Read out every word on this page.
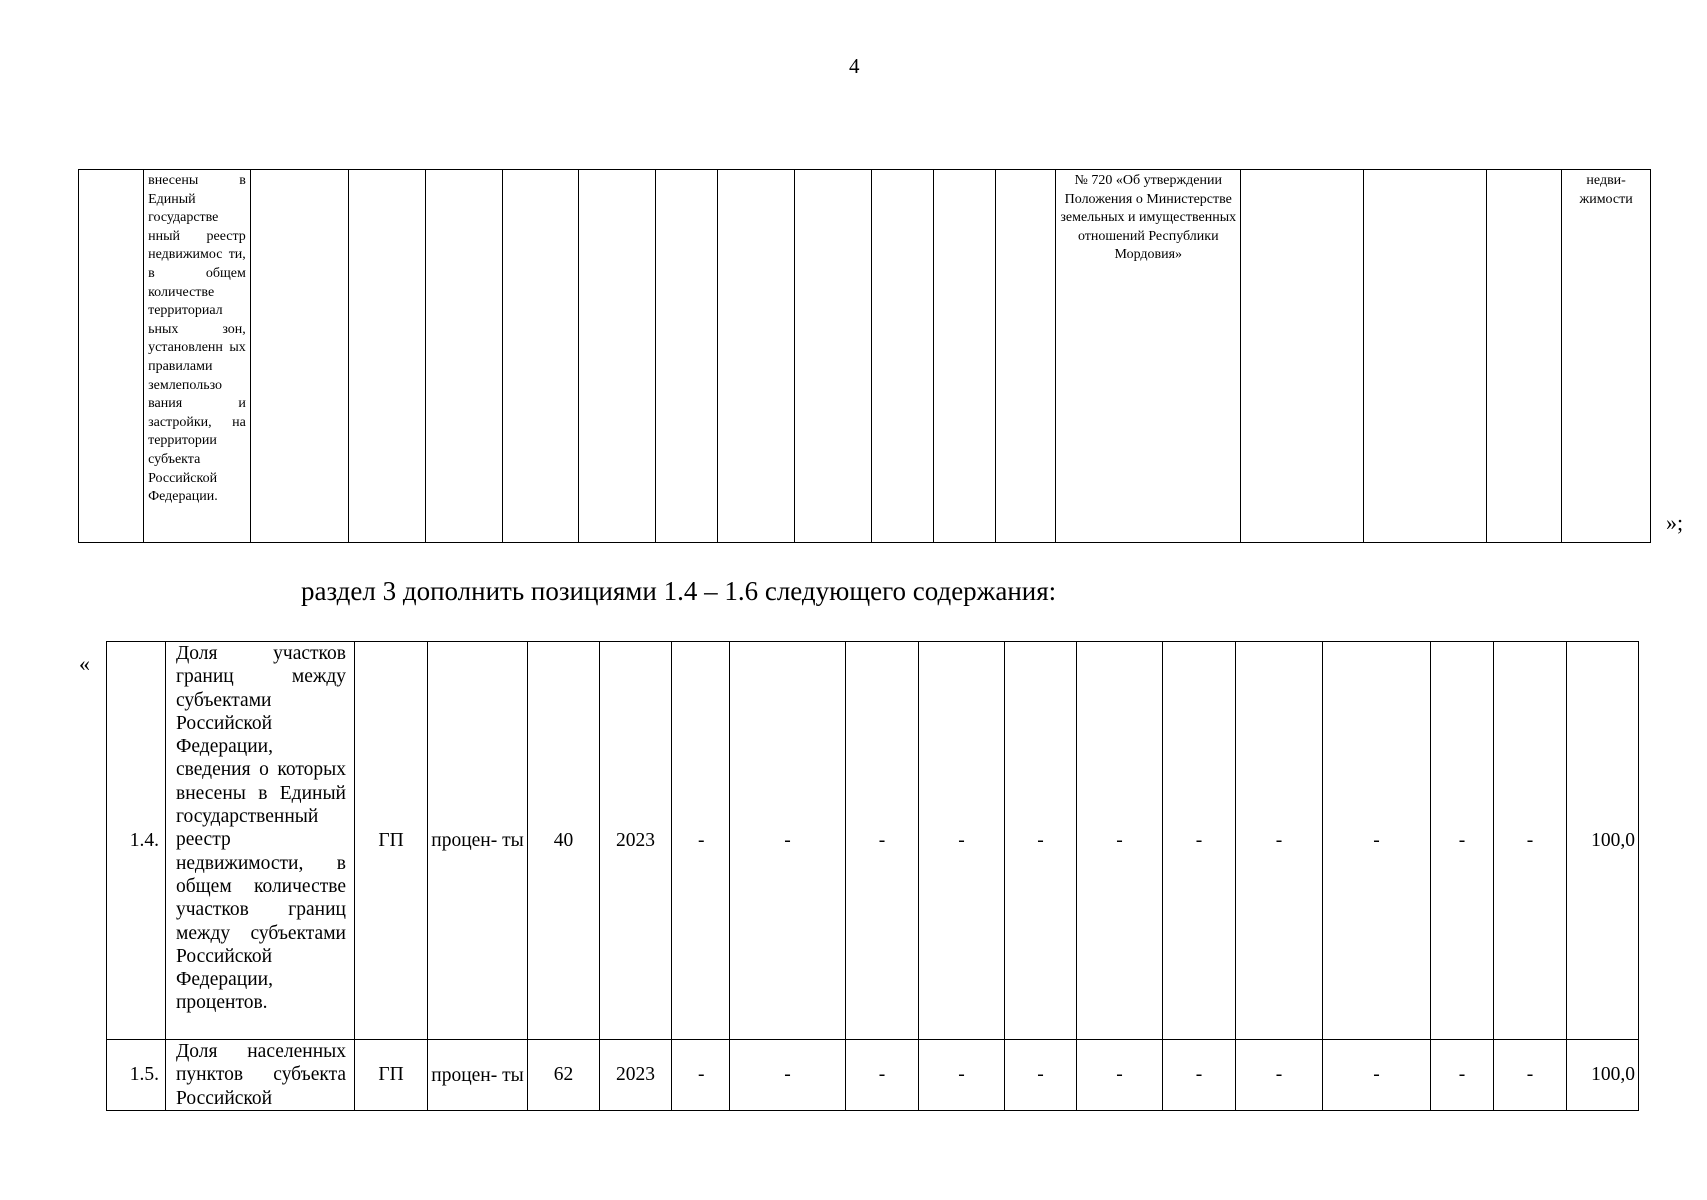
4
	внесены в Единый государстве нный реестр недвижимос ти, в общем количестве территориал ьных зон, установленн ых правилами землепользо вания и застройки, на территории субъекта Российской Федерации.												№ 720 «Об утверждении Положения о Министерстве земельных и имущественных отношений Республики Мордовия»				недви- жимости
»;
раздел 3 дополнить позициями 1.4 – 1.6 следующего содержания:
«
1.4.	Доля участков границ между субъектами Российской Федерации, сведения о которых внесены в Единый государственный реестр недвижимости, в общем количестве участков границ между субъектами Российской Федерации, процентов.	ГП	процен- ты	40	2023	-	-	-	-	-	-	-	-	-	-	-	100,0
1.5.	Доля населенных пунктов субъекта Российской	ГП	процен- ты	62	2023	-	-	-	-	-	-	-	-	-	-	-	100,0
